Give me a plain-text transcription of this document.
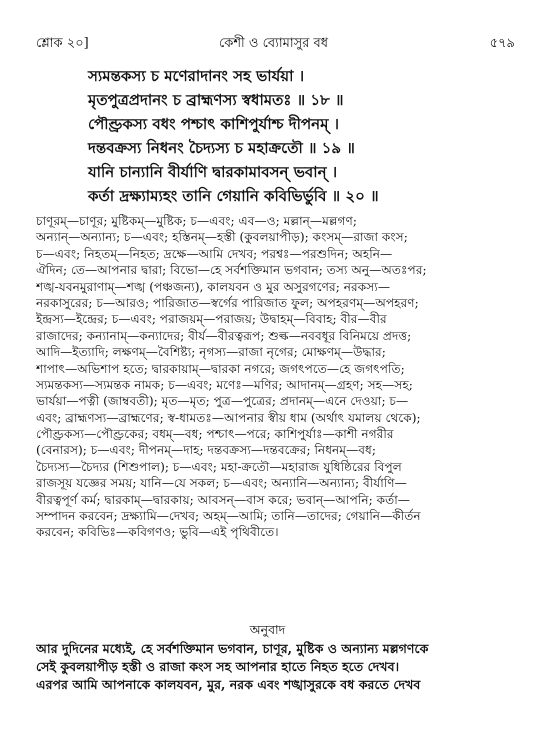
শ্লোক ২০]	কেশী ও ব্যোমাসুর বধ	৫৭৯
স্যমন্তকস্য চ মণেরাদানং সহ ভার্যয়া ।
মৃতপুত্রপ্রদানং চ ব্রাহ্মণস্য স্বধামতঃ ॥ ১৮ ॥
পৌণ্ড্রকস্য বধং পশ্চাৎ কাশিপুর্যাশ্চ দীপনম্ ।
দন্তবক্রস্য নিধনং চৈদ্যস্য চ মহাক্রতৌ ॥ ১৯ ॥
যানি চান্যানি বীর্যাণি দ্বারকামাবসন্ ভবান্ ।
কর্তা দ্রক্ষ্যাম্যহং তানি গেয়ানি কবিভির্ভুবি ॥ ২০ ॥

চাণূরম্—চাণূর; মুষ্টিকম্—মুষ্টিক; চ—এবং; এব—ও; মল্লান্—মল্লগণ;

অন্যান্—অন্যান্য; চ—এবং; হস্তিনম্—হস্তী (কুবলয়াপীড়); কংসম্—রাজা কংস;

চ—এবং; নিহতম্—নিহত; দ্রক্ষে—আমি দেখব; পরশ্বঃ—পরশুদিন; অহনি—

ঐদিন; তে—আপনার দ্বারা; বিভো—হে সর্বশক্তিমান ভগবান; তস্য অনু—অতঃপর;

শঙ্খ-যবনমুরাণাম্—শঙ্খ (পঞ্চজন্য), কালযবন ও মুর অসুরগণের; নরকস্য—

নরকাসুরের; চ—আরও; পারিজাত—স্বর্গের পারিজাত ফুল; অপহরণম্—অপহরণ;

ইন্দ্রস্য—ইন্দ্রের; চ—এবং; পরাজয়ম্—পরাজয়; উদ্বাহম্—বিবাহ; বীর—বীর

রাজাদের; কন্যানাম্—কন্যাদের; বীর্য—বীরত্বরূপ; শুল্ক—নববধূর বিনিময়ে প্রদত্ত;

আদি—ইত্যাদি; লক্ষণম্—বৈশিষ্ট্য; নৃগস্য—রাজা নৃগের; মোক্ষণম্—উদ্ধার;

শাপাৎ—অভিশাপ হতে; দ্বারকায়াম্—দ্বারকা নগরে; জগৎপতে—হে জগৎপতি;

স্যমন্তকস্য—স্যমন্তক নামক; চ—এবং; মণেঃ—মণির; আদানম্—গ্রহণ; সহ—সহ;

ভার্যয়া—পত্নী (জাম্ববতী); মৃত—মৃত; পুত্র—পুত্রের; প্রদানম্—এনে দেওয়া; চ—

এবং; ব্রাহ্মণস্য—ব্রাহ্মণের; স্ব-ধামতঃ—আপনার স্বীয় ধাম (অর্থাৎ যমালয় থেকে);

পৌণ্ড্রকস্য—পৌণ্ড্রকের; বধম্—বধ; পশ্চাৎ—পরে; কাশিপুর্যাঃ—কাশী নগরীর

(বেনারস); চ—এবং; দীপনম্—দাহ; দন্তবক্রস্য—দন্তবক্রের; নিধনম্—বধ;

চৈদ্যস্য—চৈদ্যর (শিশুপাল); চ—এবং; মহা-ক্রতৌ—মহারাজ যুধিষ্ঠিরের বিপুল

রাজসূয় যজ্ঞের সময়; যানি—যে সকল; চ—এবং; অন্যানি—অন্যান্য; বীর্যাণি—

বীরত্বপূর্ণ কর্ম; দ্বারকাম্—দ্বারকায়; আবসন্—বাস করে; ভবান্—আপনি; কর্তা—

সম্পাদন করবেন; দ্রক্ষ্যামি—দেখব; অহম্—আমি; তানি—তাদের; গেয়ানি—কীর্তন

করবেন; কবিভিঃ—কবিগণও; ভুবি—এই পৃথিবীতে।

অনুবাদ
আর দুদিনের মধ্যেই, হে সর্বশক্তিমান ভগবান, চাণূর, মুষ্টিক ও অন্যান্য মল্লগণকে
সেই কুবলয়াপীড় হস্তী ও রাজা কংস সহ আপনার হাতে নিহত হতে দেখব।
এরপর আমি আপনাকে কালযবন, মুর, নরক এবং শঙ্খাসুরকে বধ করতে দেখব
